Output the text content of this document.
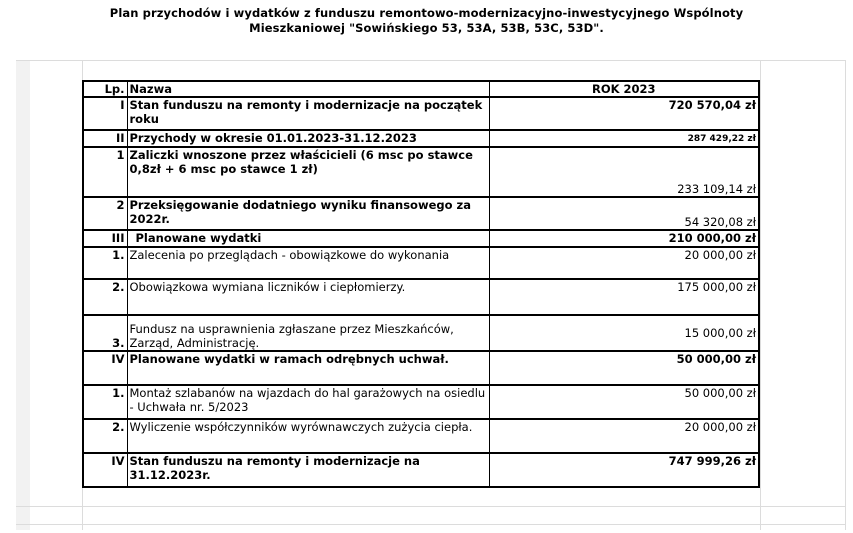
Plan przychodów i wydatków z funduszu remontowo-modernizacyjno-inwestycyjnego Wspólnoty
Mieszkaniowej "Sowińskiego 53, 53A, 53B, 53C, 53D".
Lp.	Nazwa	ROK 2023
I	Stan funduszu na remonty i modernizacje na początek roku	720 570,04 zł
II	Przychody w okresie 01.01.2023-31.12.2023	287 429,22 zł
1	Zaliczki wnoszone przez właścicieli (6 msc po stawce 0,8zł + 6 msc po stawce 1 zł)	233 109,14 zł
2	Przeksięgowanie dodatniego wyniku finansowego za 2022r.	54 320,08 zł
III	Planowane wydatki	210 000,00 zł
1.	Zalecenia po przeglądach - obowiązkowe do wykonania	20 000,00 zł
2.	Obowiązkowa wymiana liczników i ciepłomierzy.	175 000,00 zł
3.	Fundusz na usprawnienia zgłaszane przez Mieszkańców, Zarząd, Administrację.	15 000,00 zł
IV	Planowane wydatki w ramach odrębnych uchwał.	50 000,00 zł
1.	Montaż szlabanów na wjazdach do hal garażowych na osiedlu - Uchwała nr. 5/2023	50 000,00 zł
2.	Wyliczenie współczynników wyrównawczych zużycia ciepła.	20 000,00 zł
IV	Stan funduszu na remonty i modernizacje na 31.12.2023r.	747 999,26 zł
